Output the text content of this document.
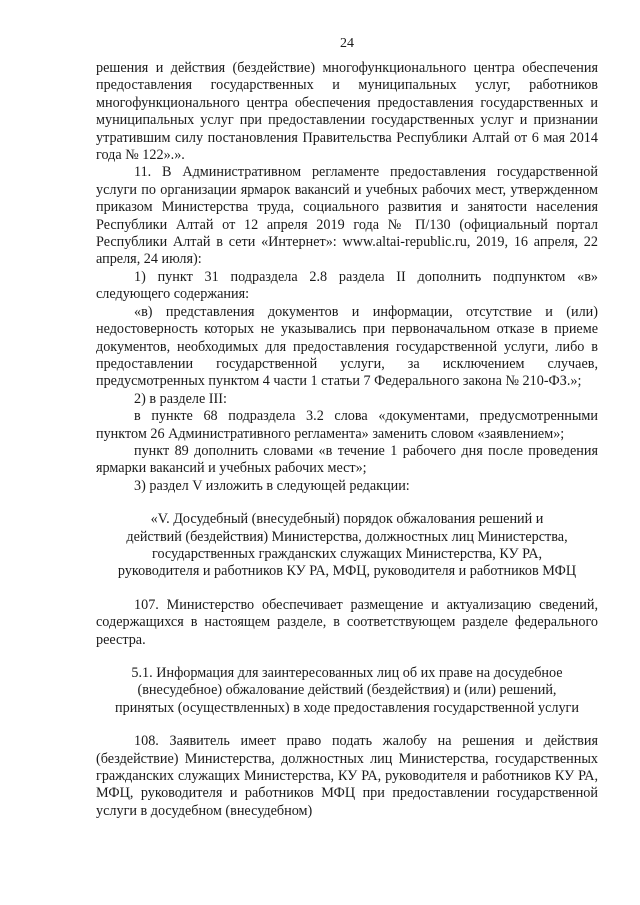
24

решения и действия (бездействие) многофункционального центра обеспечения предоставления государственных и муниципальных услуг, работников многофункционального центра обеспечения предоставления государственных и муниципальных услуг при предоставлении государственных услуг и признании утратившим силу постановления Правительства Республики Алтай от 6 мая 2014 года № 122».».

11. В Административном регламенте предоставления государственной услуги по организации ярмарок вакансий и учебных рабочих мест, утвержденном приказом Министерства труда, социального развития и занятости населения Республики Алтай от 12 апреля 2019 года № П/130 (официальный портал Республики Алтай в сети «Интернет»: www.altai-republic.ru, 2019, 16 апреля, 22 апреля, 24 июля):

1) пункт 31 подраздела 2.8 раздела II дополнить подпунктом «в» следующего содержания:

«в) представления документов и информации, отсутствие и (или) недостоверность которых не указывались при первоначальном отказе в приеме документов, необходимых для предоставления государственной услуги, либо в предоставлении государственной услуги, за исключением случаев, предусмотренных пунктом 4 части 1 статьи 7 Федерального закона № 210-ФЗ.»;

2) в разделе III:

в пункте 68 подраздела 3.2 слова «документами, предусмотренными пунктом 26 Административного регламента» заменить словом «заявлением»;

пункт 89 дополнить словами «в течение 1 рабочего дня после проведения ярмарки вакансий и учебных рабочих мест»;

3) раздел V изложить в следующей редакции:

«V. Досудебный (внесудебный) порядок обжалования решений и
действий (бездействия) Министерства, должностных лиц Министерства,
государственных гражданских служащих Министерства, КУ РА,
руководителя и работников КУ РА, МФЦ, руководителя и работников МФЦ

107. Министерство обеспечивает размещение и актуализацию сведений, содержащихся в настоящем разделе, в соответствующем разделе федерального реестра.

5.1. Информация для заинтересованных лиц об их праве на досудебное
(внесудебное) обжалование действий (бездействия) и (или) решений,
принятых (осуществленных) в ходе предоставления государственной услуги

108. Заявитель имеет право подать жалобу на решения и действия (бездействие) Министерства, должностных лиц Министерства, государственных гражданских служащих Министерства, КУ РА, руководителя и работников КУ РА, МФЦ, руководителя и работников МФЦ при предоставлении государственной услуги в досудебном (внесудебном)
